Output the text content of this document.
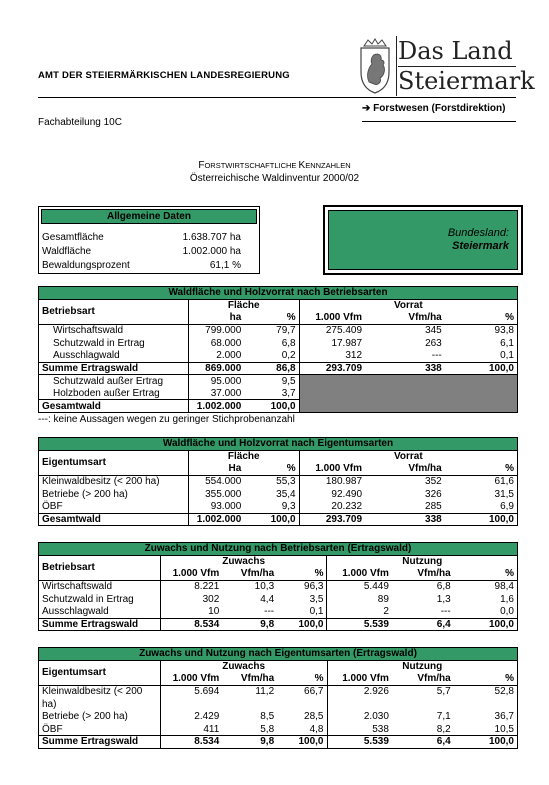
AMT DER STEIERMÄRKISCHEN LANDESREGIERUNG
Fachabteilung 10C
Das Land
Steiermark
➔ Forstwesen (Forstdirektion)
FORSTWIRTSCHAFTLICHE KENNZAHLEN
Österreichische Waldinventur 2000/02
Allgemeine Daten
Gesamtfläche	1.638.707 ha
Waldfläche	1.002.000 ha
Bewaldungsprozent	61,1 %
Bundesland:
Steiermark
Waldfläche und Holzvorrat nach Betriebsarten					
Betriebsart	Fläche		Vorrat		
	ha	%	1.000 Vfm	Vfm/ha	%
Wirtschaftswald	799.000	79,7	275.409	345	93,8
Schutzwald in Ertrag	68.000	6,8	17.987	263	6,1
Ausschlagwald	2.000	0,2	312	---	0,1
Summe Ertragswald	869.000	86,8	293.709	338	100,0
Schutzwald außer Ertrag	95.000	9,5			
Holzboden außer Ertrag	37.000	3,7			
Gesamtwald	1.002.000	100,0			
---: keine Aussagen wegen zu geringer Stichprobenanzahl
Waldfläche und Holzvorrat nach Eigentumsarten					
Eigentumsart	Fläche		Vorrat		
	Ha	%	1.000 Vfm	Vfm/ha	%
Kleinwaldbesitz (< 200 ha)	554.000	55,3	180.987	352	61,6
Betriebe (> 200 ha)	355.000	35,4	92.490	326	31,5
ÖBF	93.000	9,3	20.232	285	6,9
Gesamtwald	1.002.000	100,0	293.709	338	100,0
Zuwachs und Nutzung nach Betriebsarten (Ertragswald)						
Betriebsart	Zuwachs			Nutzung		
	1.000 Vfm	Vfm/ha	%	1.000 Vfm	Vfm/ha	%
Wirtschaftswald	8.221	10,3	96,3	5.449	6,8	98,4
Schutzwald in Ertrag	302	4,4	3,5	89	1,3	1,6
Ausschlagwald	10	---	0,1	2	---	0,0
Summe Ertragswald	8.534	9,8	100,0	5.539	6,4	100,0
Zuwachs und Nutzung nach Eigentumsarten (Ertragswald)						
Eigentumsart	Zuwachs			Nutzung		
	1.000 Vfm	Vfm/ha	%	1.000 Vfm	Vfm/ha	%
Kleinwaldbesitz (< 200	5.694	11,2	66,7	2.926	5,7	52,8
ha)						
Betriebe (> 200 ha)	2.429	8,5	28,5	2.030	7,1	36,7
ÖBF	411	5,8	4,8	538	8,2	10,5
Summe Ertragswald	8.534	9,8	100,0	5.539	6,4	100,0
